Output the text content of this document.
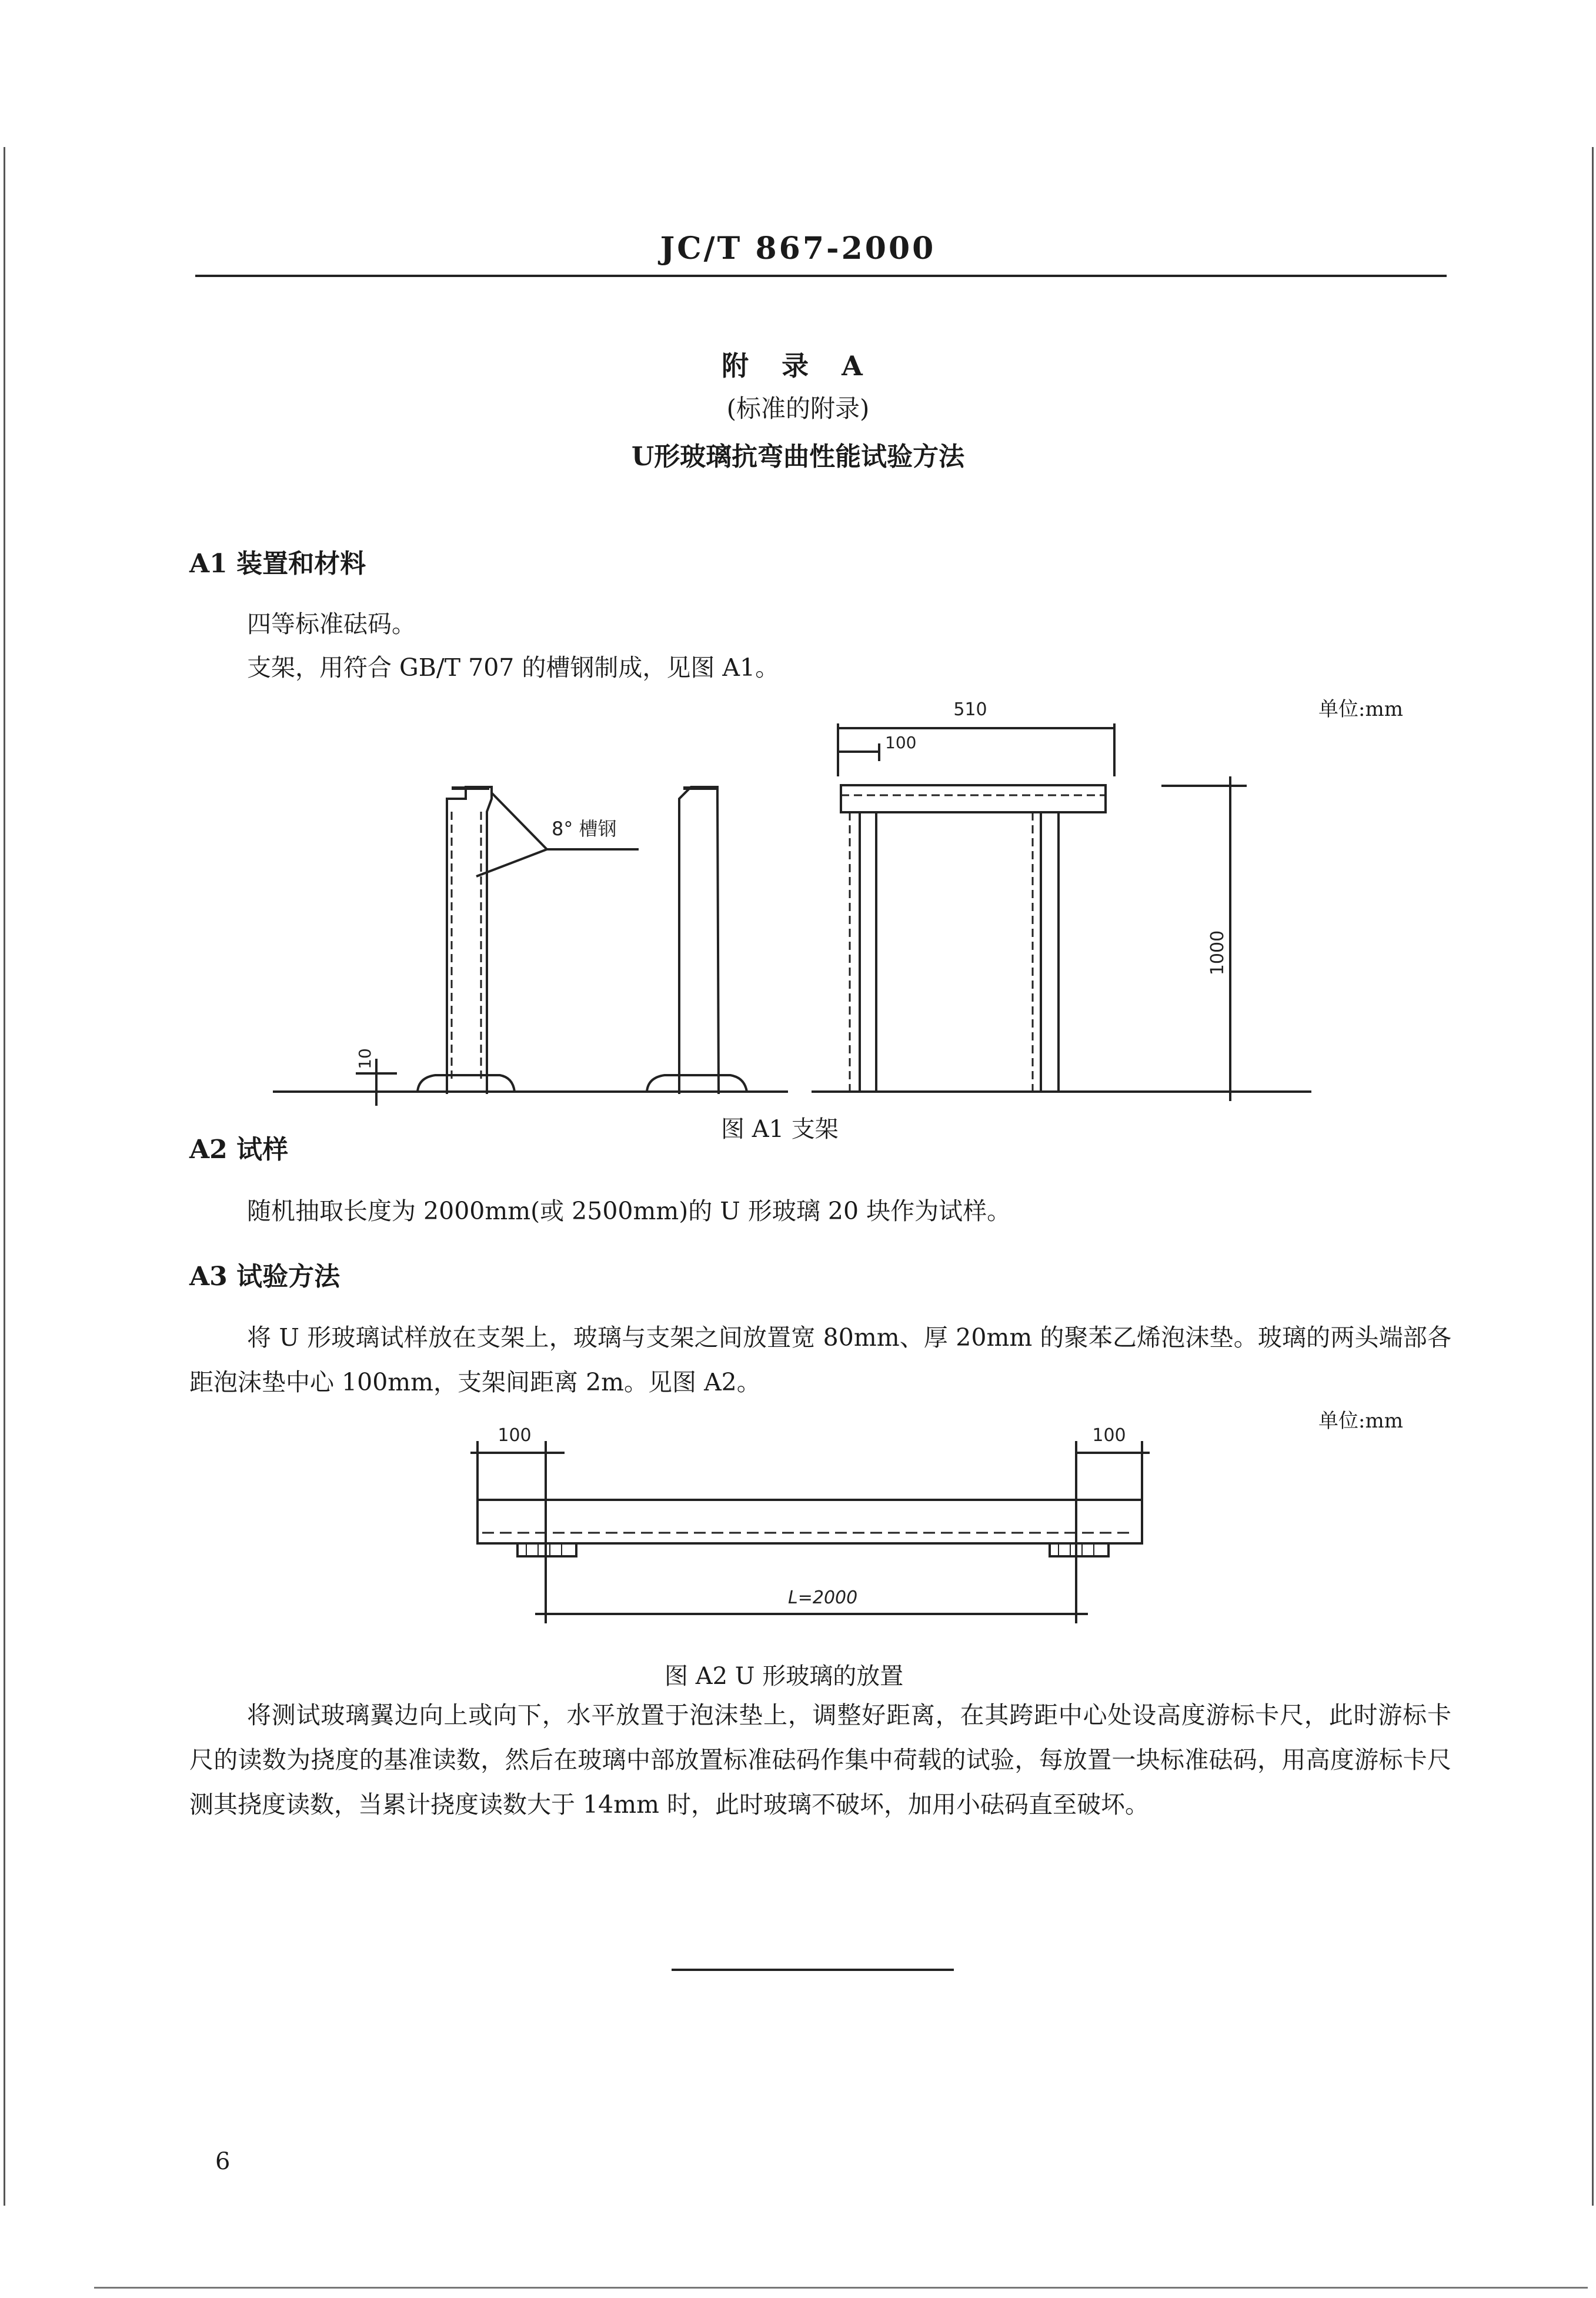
JC/T 867-2000
附 录 A
(标准的附录)
U形玻璃抗弯曲性能试验方法
A1 装置和材料
四等标准砝码。
支架，用符合 GB/T 707 的槽钢制成，见图 A1。
单位:mm
8° 槽钢
510
100
1000
10
图 A1 支架
A2 试样
随机抽取长度为 2000mm(或 2500mm)的 U 形玻璃 20 块作为试样。
A3 试验方法
将 U 形玻璃试样放在支架上，玻璃与支架之间放置宽 80mm、厚 20mm 的聚苯乙烯泡沫垫。玻璃的两头端部各距泡沫垫中心 100mm，支架间距离 2m。见图 A2。
单位:mm
100	100
L=2000
图 A2 U 形玻璃的放置
将测试玻璃翼边向上或向下，水平放置于泡沫垫上，调整好距离，在其跨距中心处设高度游标卡尺，此时游标卡尺的读数为挠度的基准读数，然后在玻璃中部放置标准砝码作集中荷载的试验，每放置一块标准砝码，用高度游标卡尺测其挠度读数，当累计挠度读数大于 14mm 时，此时玻璃不破坏，加用小砝码直至破坏。
6
